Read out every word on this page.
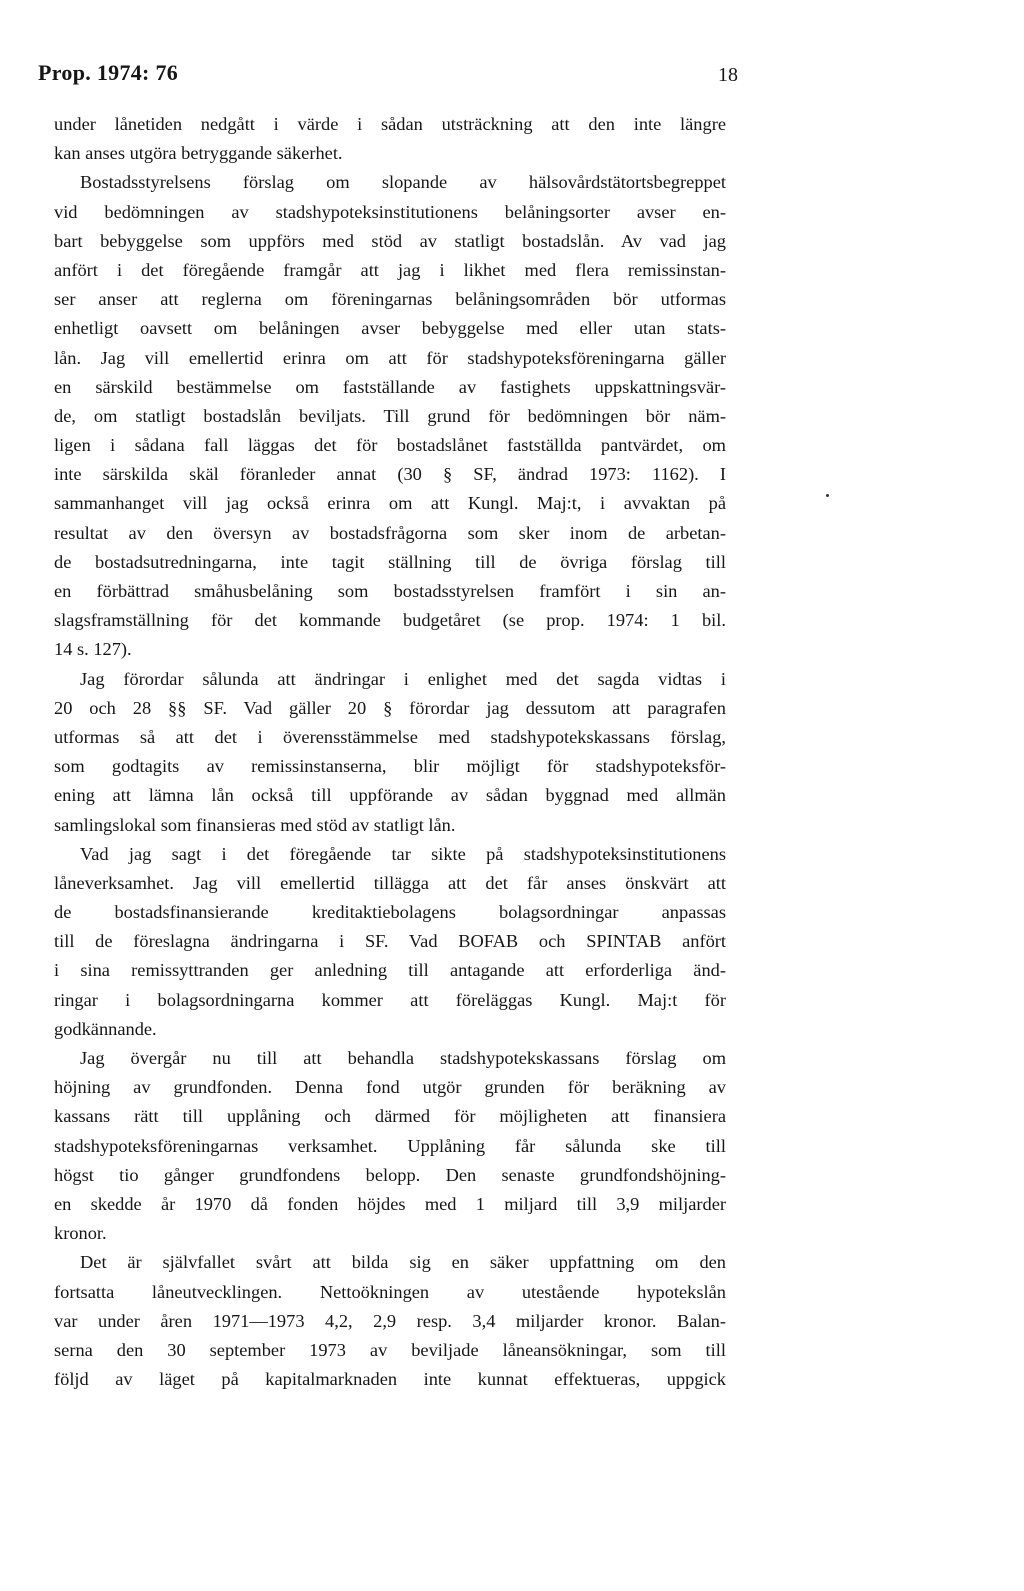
Prop. 1974: 76	18
under lånetiden nedgått i värde i sådan utsträckning att den inte längre
kan anses utgöra betryggande säkerhet.
Bostadsstyrelsens förslag om slopande av hälsovårdstätortsbegreppet
vid bedömningen av stadshypoteksinstitutionens belåningsorter avser en-
bart bebyggelse som uppförs med stöd av statligt bostadslån. Av vad jag
anfört i det föregående framgår att jag i likhet med flera remissinstan-
ser anser att reglerna om föreningarnas belåningsområden bör utformas
enhetligt oavsett om belåningen avser bebyggelse med eller utan stats-
lån. Jag vill emellertid erinra om att för stadshypoteksföreningarna gäller
en särskild bestämmelse om fastställande av fastighets uppskattningsvär-
de, om statligt bostadslån beviljats. Till grund för bedömningen bör näm-
ligen i sådana fall läggas det för bostadslånet fastställda pantvärdet, om
inte särskilda skäl föranleder annat (30 § SF, ändrad 1973: 1162). I
sammanhanget vill jag också erinra om att Kungl. Maj:t, i avvaktan på
resultat av den översyn av bostadsfrågorna som sker inom de arbetan-
de bostadsutredningarna, inte tagit ställning till de övriga förslag till
en förbättrad småhusbelåning som bostadsstyrelsen framfört i sin an-
slagsframställning för det kommande budgetåret (se prop. 1974: 1 bil.
14 s. 127).
Jag förordar sålunda att ändringar i enlighet med det sagda vidtas i
20 och 28 §§ SF. Vad gäller 20 § förordar jag dessutom att paragrafen
utformas så att det i överensstämmelse med stadshypotekskassans förslag,
som godtagits av remissinstanserna, blir möjligt för stadshypoteksför-
ening att lämna lån också till uppförande av sådan byggnad med allmän
samlingslokal som finansieras med stöd av statligt lån.
Vad jag sagt i det föregående tar sikte på stadshypoteksinstitutionens
låneverksamhet. Jag vill emellertid tillägga att det får anses önskvärt att
de bostadsfinansierande kreditaktiebolagens bolagsordningar anpassas
till de föreslagna ändringarna i SF. Vad BOFAB och SPINTAB anfört
i sina remissyttranden ger anledning till antagande att erforderliga änd-
ringar i bolagsordningarna kommer att föreläggas Kungl. Maj:t för
godkännande.
Jag övergår nu till att behandla stadshypotekskassans förslag om
höjning av grundfonden. Denna fond utgör grunden för beräkning av
kassans rätt till upplåning och därmed för möjligheten att finansiera
stadshypoteksföreningarnas verksamhet. Upplåning får sålunda ske till
högst tio gånger grundfondens belopp. Den senaste grundfondshöjning-
en skedde år 1970 då fonden höjdes med 1 miljard till 3,9 miljarder
kronor.
Det är självfallet svårt att bilda sig en säker uppfattning om den
fortsatta låneutvecklingen. Nettoökningen av utestående hypotekslån
var under åren 1971—1973 4,2, 2,9 resp. 3,4 miljarder kronor. Balan-
serna den 30 september 1973 av beviljade låneansökningar, som till
följd av läget på kapitalmarknaden inte kunnat effektueras, uppgick
